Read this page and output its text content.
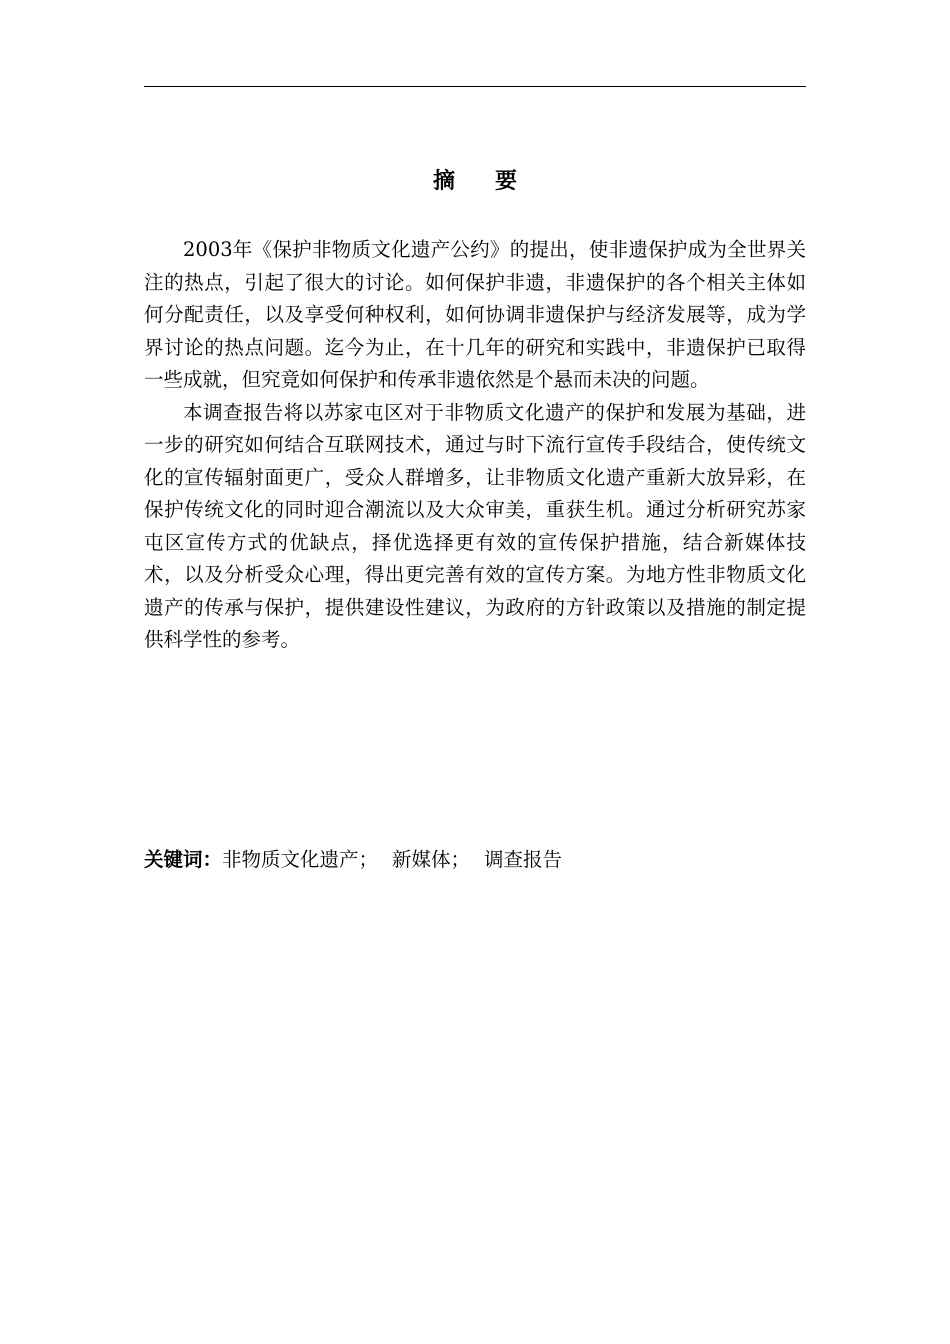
摘要

2003年《保护非物质文化遗产公约》的提出，使非遗保护成为全世界关注的热点，引起了很大的讨论。如何保护非遗，非遗保护的各个相关主体如何分配责任，以及享受何种权利，如何协调非遗保护与经济发展等，成为学界讨论的热点问题。迄今为止，在十几年的研究和实践中，非遗保护已取得一些成就，但究竟如何保护和传承非遗依然是个悬而未决的问题。

本调查报告将以苏家屯区对于非物质文化遗产的保护和发展为基础，进一步的研究如何结合互联网技术，通过与时下流行宣传手段结合，使传统文化的宣传辐射面更广，受众人群增多，让非物质文化遗产重新大放异彩，在保护传统文化的同时迎合潮流以及大众审美，重获生机。通过分析研究苏家屯区宣传方式的优缺点，择优选择更有效的宣传保护措施，结合新媒体技术，以及分析受众心理，得出更完善有效的宣传方案。为地方性非物质文化遗产的传承与保护，提供建设性建议，为政府的方针政策以及措施的制定提供科学性的参考。

关键词：非物质文化遗产； 新媒体； 调查报告
